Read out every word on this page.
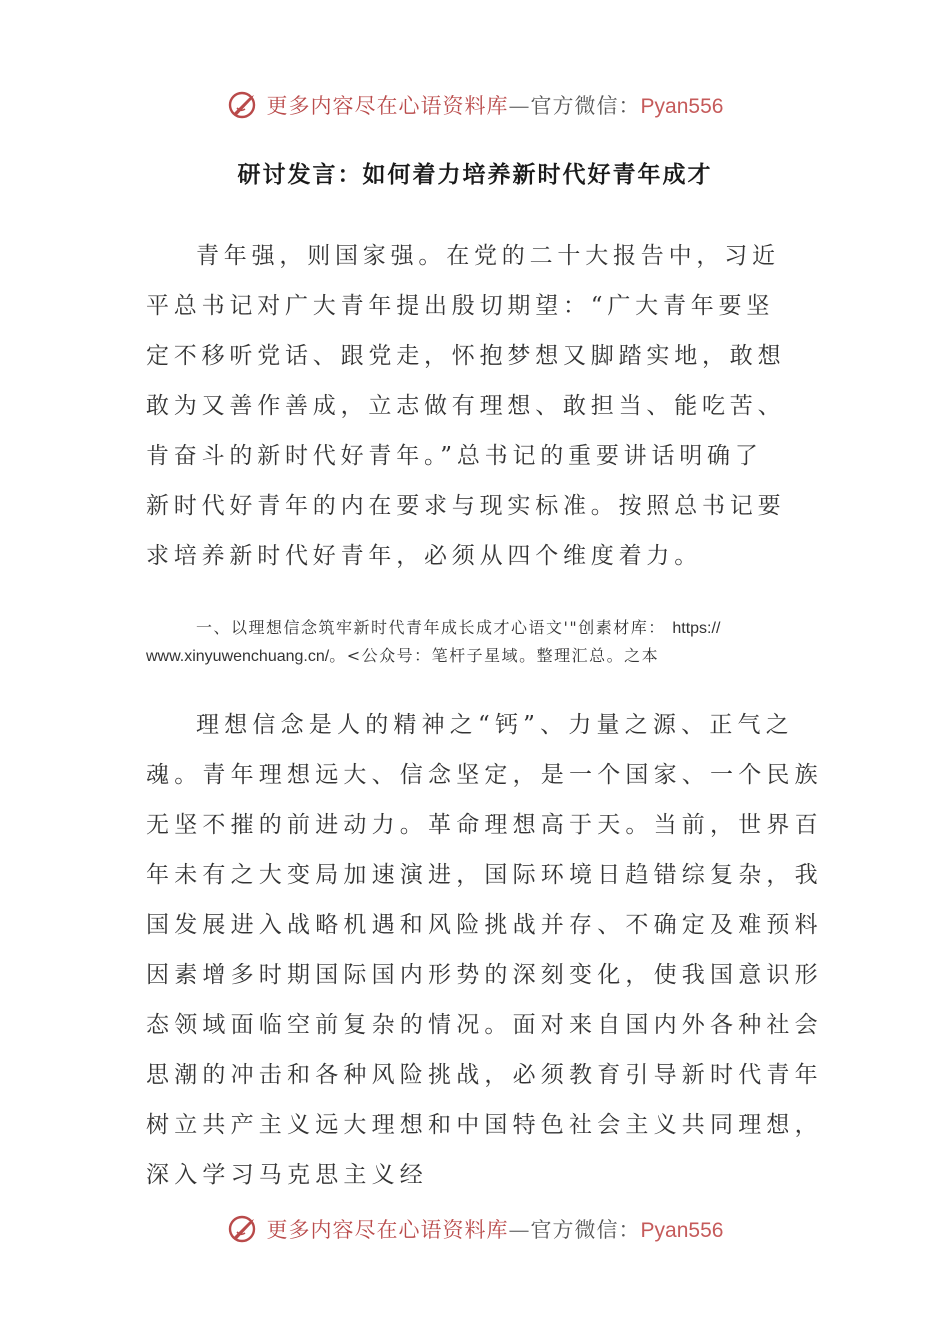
更多内容尽在心语资料库—官方微信：Pyan556
研讨发言：如何着力培养新时代好青年成才

青年强，则国家强。在党的二十大报告中，习近平总书记对广大青年提出殷切期望：“广大青年要坚定不移听党话、跟党走，怀抱梦想又脚踏实地，敢想敢为又善作善成，立志做有理想、敢担当、能吃苦、肯奋斗的新时代好青年。”总书记的重要讲话明确了新时代好青年的内在要求与现实标准。按照总书记要求培养新时代好青年，必须从四个维度着力。

一、以理想信念筑牢新时代青年成长成才心语文'"创素材库： https://
www.xinyuwenchuang.cn/。<公众号：笔杆子星域。整理汇总。之本

理想信念是人的精神之“钙”、力量之源、正气之魂。青年理想远大、信念坚定，是一个国家、一个民族无坚不摧的前进动力。革命理想高于天。当前，世界百年未有之大变局加速演进，国际环境日趋错综复杂，我国发展进入战略机遇和风险挑战并存、不确定及难预料因素增多时期国际国内形势的深刻变化，使我国意识形态领域面临空前复杂的情况。面对来自国内外各种社会思潮的冲击和各种风险挑战，必须教育引导新时代青年树立共产主义远大理想和中国特色社会主义共同理想，深入学习马克思主义经

更多内容尽在心语资料库—官方微信：Pyan556
